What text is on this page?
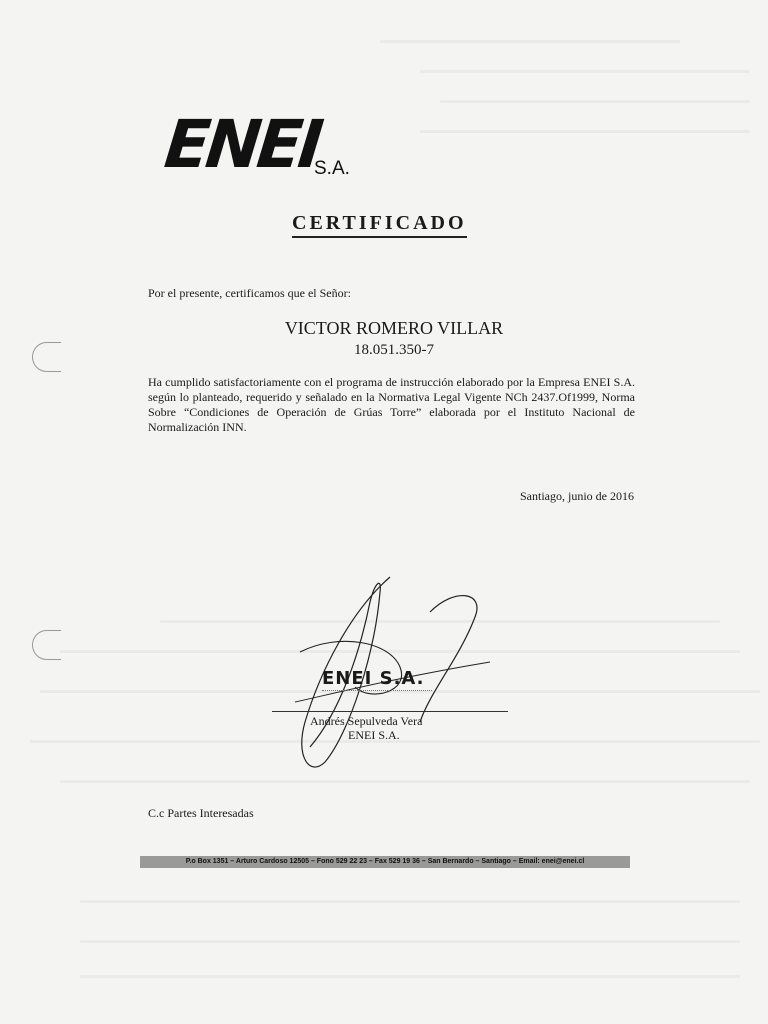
ENEI
S.A.
CERTIFICADO
Por el presente, certificamos que el Señor:
VICTOR ROMERO VILLAR
18.051.350-7
Ha cumplido satisfactoriamente con el programa de instrucción elaborado por la Empresa ENEI S.A. según lo planteado, requerido y señalado en la Normativa Legal Vigente NCh 2437.Of1999, Norma Sobre “Condiciones de Operación de Grúas Torre” elaborada por el Instituto Nacional de Normalización INN.
Santiago, junio de 2016
ENEI S.A.
Andrés Sepulveda Vera
ENEI S.A.
C.c Partes Interesadas
P.o Box 1351 – Arturo Cardoso 12505 – Fono 529 22 23 – Fax 529 19 36 – San Bernardo – Santiago – Email: enei@enei.cl
